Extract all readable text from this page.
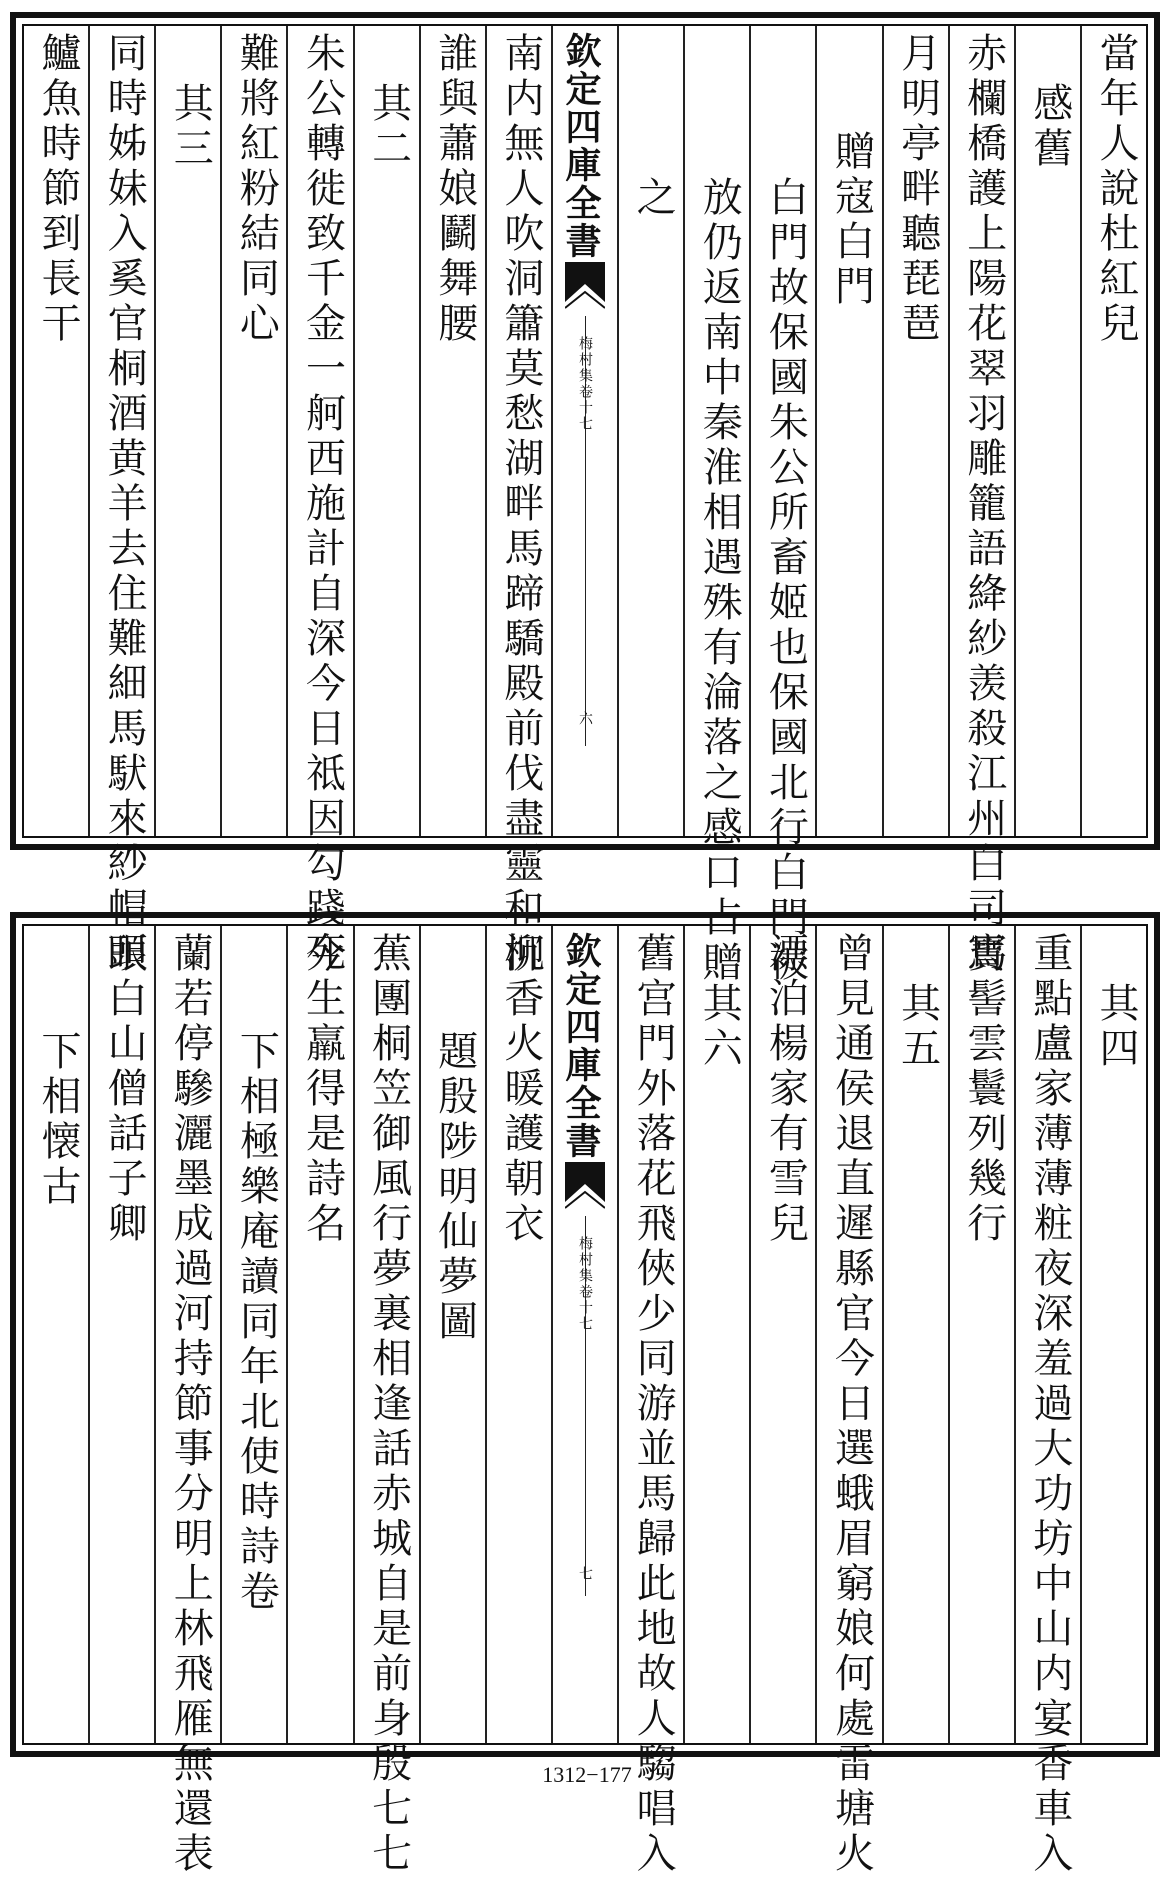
當年人說杜紅兒
感舊
赤欄橋護上陽花翠羽雕籠語絳紗羡殺江州白司馬
月明亭畔聽琵琶
贈寇白門
白門故保國朱公所畜姬也保國北行白門被
放仍返南中秦淮相遇殊有淪落之感口占贈
之
欽定四庫全書
梅村集卷十七
六
南内無人吹洞簫莫愁湖畔馬蹄驕殿前伐盡靈和柳
誰與蕭娘鬬舞腰
其二
朱公轉徙致千金一舸西施計自深今日祗因勾踐死
難將紅粉結同心
其三
同時姊妹入奚官桐酒黄羊去住難細馬䭾來紗帽眼
鱸魚時節到長干
其四
重點盧家薄薄粧夜深羞過大功坊中山内宴香車入
寶髻雲鬟列幾行
其五
曾見通侯退直遲縣官今日選蛾眉窮娘何處雷塘火
漂泊楊家有雪兒
其六
舊宫門外落花飛俠少同游並馬歸此地故人騶唱入
欽定四庫全書
梅村集卷十七
七
沉香火暖護朝衣
題殷陟明仙夢圖
蕉團桐笠御風行夢裏相逢話赤城自是前身殷七七
今生羸得是詩名
下相極樂庵讀同年北使時詩卷
蘭若停驂灑墨成過河持節事分明上林飛雁無還表
頭白山僧話子卿
下相懐古
1312−177
